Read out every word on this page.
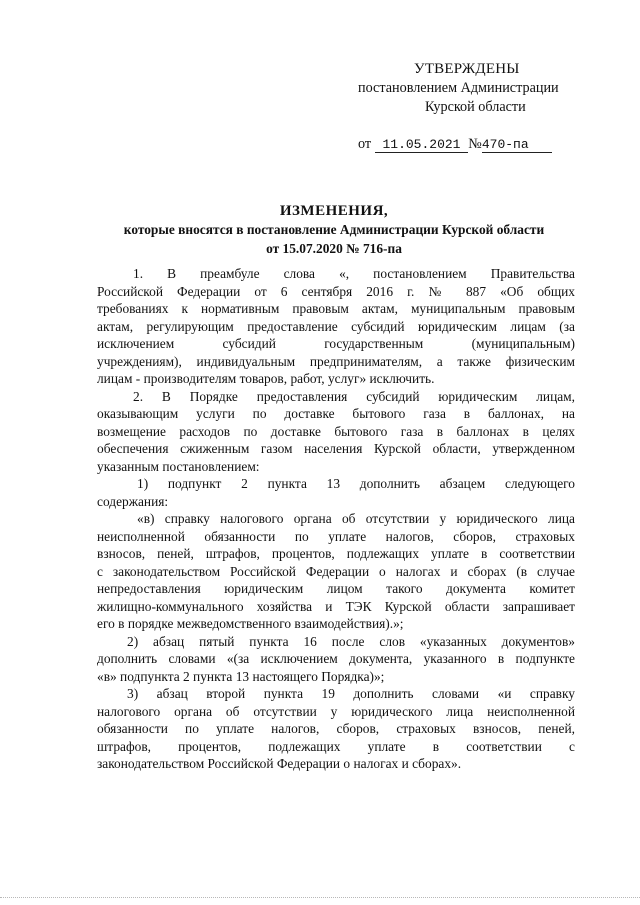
УТВЕРЖДЕНЫ
постановлением Администрации
Курской области
от 11.05.2021 №470-па
ИЗМЕНЕНИЯ,
которые вносятся в постановление Администрации Курской области
от 15.07.2020 № 716-па
1. В преамбуле слова «, постановлением Правительства
Российской Федерации от 6 сентября 2016 г. № 887 «Об общих
требованиях к нормативным правовым актам, муниципальным правовым
актам, регулирующим предоставление субсидий юридическим лицам (за
исключением субсидий государственным (муниципальным)
учреждениям), индивидуальным предпринимателям, а также физическим
лицам - производителям товаров, работ, услуг» исключить.
2. В Порядке предоставления субсидий юридическим лицам,
оказывающим услуги по доставке бытового газа в баллонах, на
возмещение расходов по доставке бытового газа в баллонах в целях
обеспечения сжиженным газом населения Курской области, утвержденном
указанным постановлением:
1) подпункт 2 пункта 13 дополнить абзацем следующего
содержания:
«в) справку налогового органа об отсутствии у юридического лица
неисполненной обязанности по уплате налогов, сборов, страховых
взносов, пеней, штрафов, процентов, подлежащих уплате в соответствии
с законодательством Российской Федерации о налогах и сборах (в случае
непредоставления юридическим лицом такого документа комитет
жилищно-коммунального хозяйства и ТЭК Курской области запрашивает
его в порядке межведомственного взаимодействия).»;
2) абзац пятый пункта 16 после слов «указанных документов»
дополнить словами «(за исключением документа, указанного в подпункте
«в» подпункта 2 пункта 13 настоящего Порядка)»;
3) абзац второй пункта 19 дополнить словами «и справку
налогового органа об отсутствии у юридического лица неисполненной
обязанности по уплате налогов, сборов, страховых взносов, пеней,
штрафов, процентов, подлежащих уплате в соответствии с
законодательством Российской Федерации о налогах и сборах».
